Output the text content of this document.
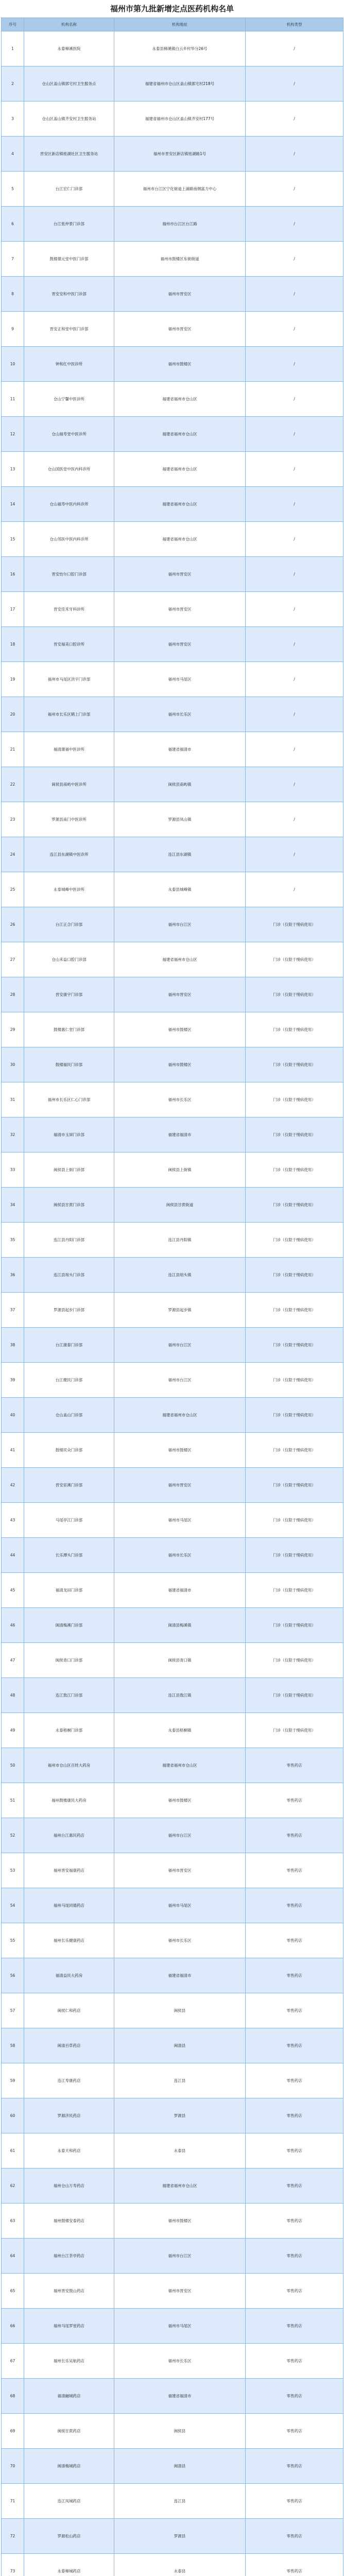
福州市第九批新增定点医药机构名单
序号	机构名称	机构地址	机构类型
1	永泰樟溪医院	永泰县樟溪镇白云乡村华分26号	/
2	仓山区盖山镇郭宅村卫生服务点	福建省福州市仓山区盖山镇郭宅村218号	/
3	仓山区盖山镇齐安村卫生服务站	福建省福州市仓山区盖山镇齐安村177号	/
4	晋安区新店镇桂湖社区卫生服务站	福州市晋安区新店镇桂湖路1号	/
5	台江宏仁门诊部	福州市台江区宁化街道上浦路南侧富力中心	/
6	台江张仲景门诊部	福州市台江区台江路	/
7	鼓楼德元堂中医门诊部	福州市鼓楼区东街街道	/
8	晋安安和中医门诊部	福州市晋安区	/
9	晋安正和堂中医门诊部	福州市晋安区	/
10	钟和红中医诊所	福州市鼓楼区	/
11	仓山宁馨中医诊所	福建省福州市仓山区	/
12	仓山福寿堂中医诊所	福建省福州市仓山区	/
13	仓山国医堂中医内科诊所	福建省福州市仓山区	/
14	仓山福寿中医内科诊所	福建省福州市仓山区	/
15	仓山邻医中医内科诊所	福建省福州市仓山区	/
16	晋安怡尔口腔门诊部	福州市晋安区	/
17	晋安佳禾牙科诊所	福州市晋安区	/
18	晋安福美口腔诊所	福州市晋安区	/
19	福州市马尾区洪宇门诊部	福州市马尾区	/
20	福州市长乐区鹤上门诊部	福州市长乐区	/
21	福清康福中医诊所	福建省福清市	/
22	闽侯县南屿中医诊所	闽侯县南屿镇	/
23	罗源县南门中医诊所	罗源县凤山镇	/
24	连江县东湖镇中医诊所	连江县东湖镇	/
25	永泰城峰中医诊所	永泰县城峰镇	/
26	台江正合门诊部	福州市台江区	门诊（仅限于慢病使用）
27	仓山禾益口腔门诊部	福建省福州市仓山区	门诊（仅限于慢病使用）
28	晋安康宇门诊部	福州市晋安区	门诊（仅限于慢病使用）
29	鼓楼惠仁堂门诊部	福州市鼓楼区	门诊（仅限于慢病使用）
30	鼓楼福民门诊部	福州市鼓楼区	门诊（仅限于慢病使用）
31	福州市长乐区仁心门诊部	福州市长乐区	门诊（仅限于慢病使用）
32	福清市玉屏门诊部	福建省福清市	门诊（仅限于慢病使用）
33	闽侯县上街门诊部	闽侯县上街镇	门诊（仅限于慢病使用）
34	闽侯县甘蔗门诊部	闽侯县甘蔗街道	门诊（仅限于慢病使用）
35	连江县丹阳门诊部	连江县丹阳镇	门诊（仅限于慢病使用）
36	连江县琯头门诊部	连江县琯头镇	门诊（仅限于慢病使用）
37	罗源县起步门诊部	罗源县起步镇	门诊（仅限于慢病使用）
38	台江康泰门诊部	福州市台江区	门诊（仅限于慢病使用）
39	台江健民门诊部	福州市台江区	门诊（仅限于慢病使用）
40	仓山盖山门诊部	福建省福州市仓山区	门诊（仅限于慢病使用）
41	鼓楼民众门诊部	福州市鼓楼区	门诊（仅限于慢病使用）
42	晋安宦溪门诊部	福州市晋安区	门诊（仅限于慢病使用）
43	马尾亭江门诊部	福州市马尾区	门诊（仅限于慢病使用）
44	长乐潭头门诊部	福州市长乐区	门诊（仅限于慢病使用）
45	福清龙田门诊部	福建省福清市	门诊（仅限于慢病使用）
46	闽清梅溪门诊部	闽清县梅溪镇	门诊（仅限于慢病使用）
47	闽侯青口门诊部	闽侯县青口镇	门诊（仅限于慢病使用）
48	连江敖江门诊部	连江县敖江镇	门诊（仅限于慢病使用）
49	永泰梧桐门诊部	永泰县梧桐镇	门诊（仅限于慢病使用）
50	福州市仓山区百姓大药房	福建省福州市仓山区	零售药店
51	福州鼓楼康民大药房	福州市鼓楼区	零售药店
52	福州台江惠民药店	福州市台江区	零售药店
53	福州晋安福康药店	福州市晋安区	零售药店
54	福州马尾同德药店	福州市马尾区	零售药店
55	福州长乐健康药店	福州市长乐区	零售药店
56	福清益民大药房	福建省福清市	零售药店
57	闽侯仁和药店	闽侯县	零售药店
58	闽清百草药店	闽清县	零售药店
59	连江寿康药店	连江县	零售药店
60	罗源济民药店	罗源县	零售药店
61	永泰天和药店	永泰县	零售药店
62	福州仓山万寿药店	福建省福州市仓山区	零售药店
63	福州鼓楼安泰药店	福州市鼓楼区	零售药店
64	福州台江茶亭药店	福州市台江区	零售药店
65	福州晋安鼓山药店	福州市晋安区	零售药店
66	福州马尾罗星药店	福州市马尾区	零售药店
67	福州长乐吴航药店	福州市长乐区	零售药店
68	福清融城药店	福建省福清市	零售药店
69	闽侯甘蔗药店	闽侯县	零售药店
70	闽清梅城药店	闽清县	零售药店
71	连江凤城药店	连江县	零售药店
72	罗源松山药店	罗源县	零售药店
73	永泰樟城药店	永泰县	零售药店
